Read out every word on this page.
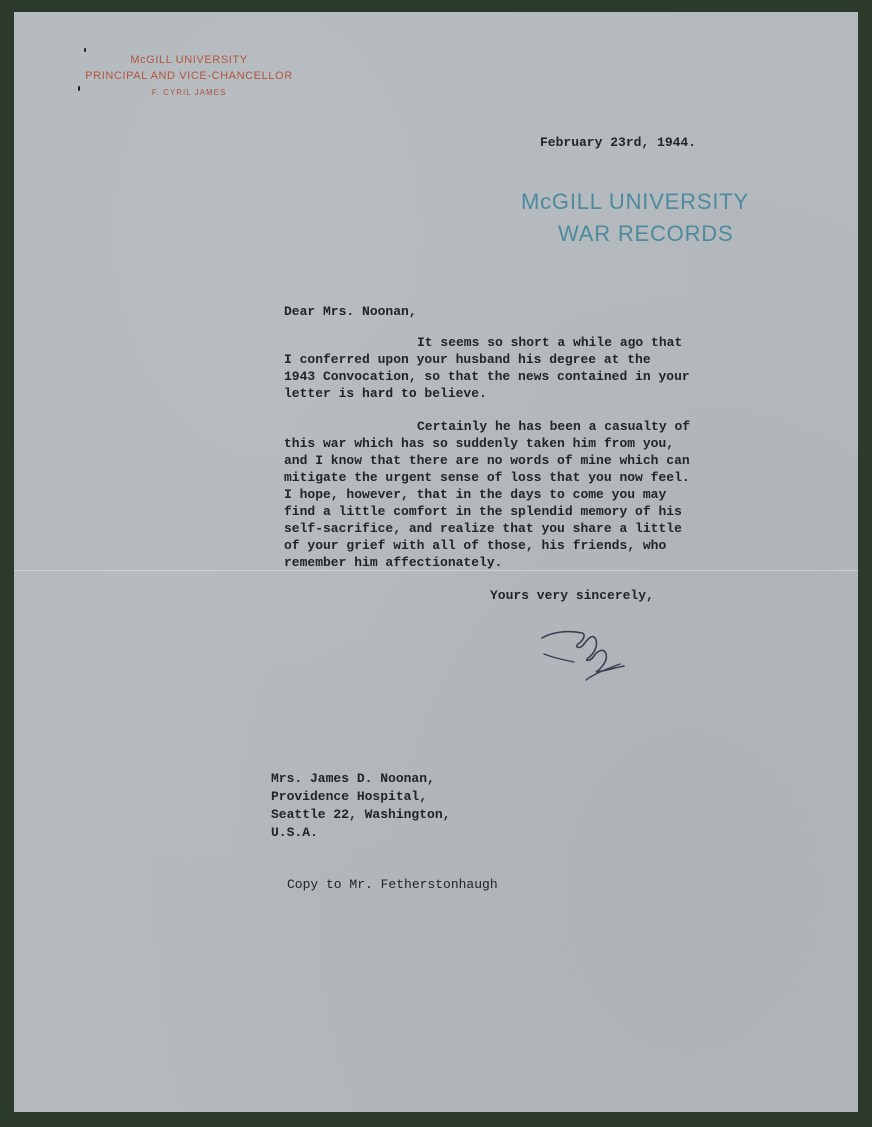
McGILL UNIVERSITY
PRINCIPAL AND VICE-CHANCELLOR
F. CYRIL JAMES
February 23rd, 1944.
McGILL UNIVERSITY
WAR RECORDS
Dear Mrs. Noonan,
It seems so short a while ago that
I conferred upon your husband his degree at the
1943 Convocation, so that the news contained in your
letter is hard to believe.
Certainly he has been a casualty of
this war which has so suddenly taken him from you,
and I know that there are no words of mine which can
mitigate the urgent sense of loss that you now feel.
I hope, however, that in the days to come you may
find a little comfort in the splendid memory of his
self-sacrifice, and realize that you share a little
of your grief with all of those, his friends, who
remember him affectionately.
Yours very sincerely,
Mrs. James D. Noonan,
Providence Hospital,
Seattle 22, Washington,
U.S.A.
Copy to Mr. Fetherstonhaugh
